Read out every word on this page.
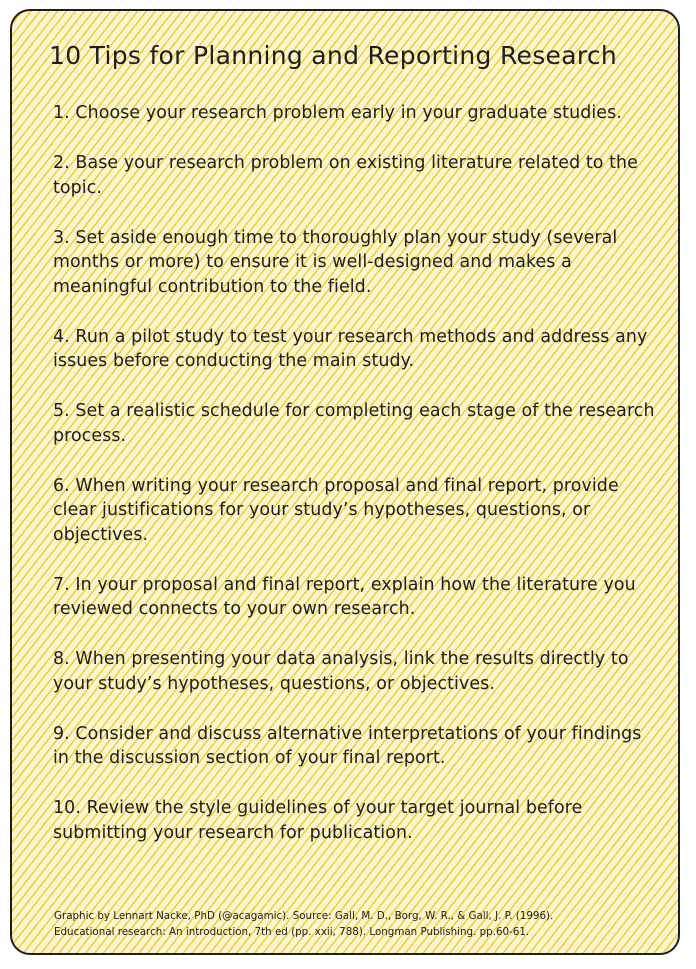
10 Tips for Planning and Reporting Research
1. Choose your research problem early in your graduate studies.
2. Base your research problem on existing literature related to the topic.
3. Set aside enough time to thoroughly plan your study (several months or more) to ensure it is well-designed and makes a meaningful contribution to the field.
4. Run a pilot study to test your research methods and address any issues before conducting the main study.
5. Set a realistic schedule for completing each stage of the research process.
6. When writing your research proposal and final report, provide clear justifications for your study’s hypotheses, questions, or objectives.
7. In your proposal and final report, explain how the literature you reviewed connects to your own research.
8. When presenting your data analysis, link the results directly to your study’s hypotheses, questions, or objectives.
9. Consider and discuss alternative interpretations of your findings in the discussion section of your final report.
10. Review the style guidelines of your target journal before submitting your research for publication.

Graphic by Lennart Nacke, PhD (@acagamic). Source: Gall, M. D., Borg, W. R., & Gall, J. P. (1996).
Educational research: An introduction, 7th ed (pp. xxii, 788). Longman Publishing. pp.60-61.
